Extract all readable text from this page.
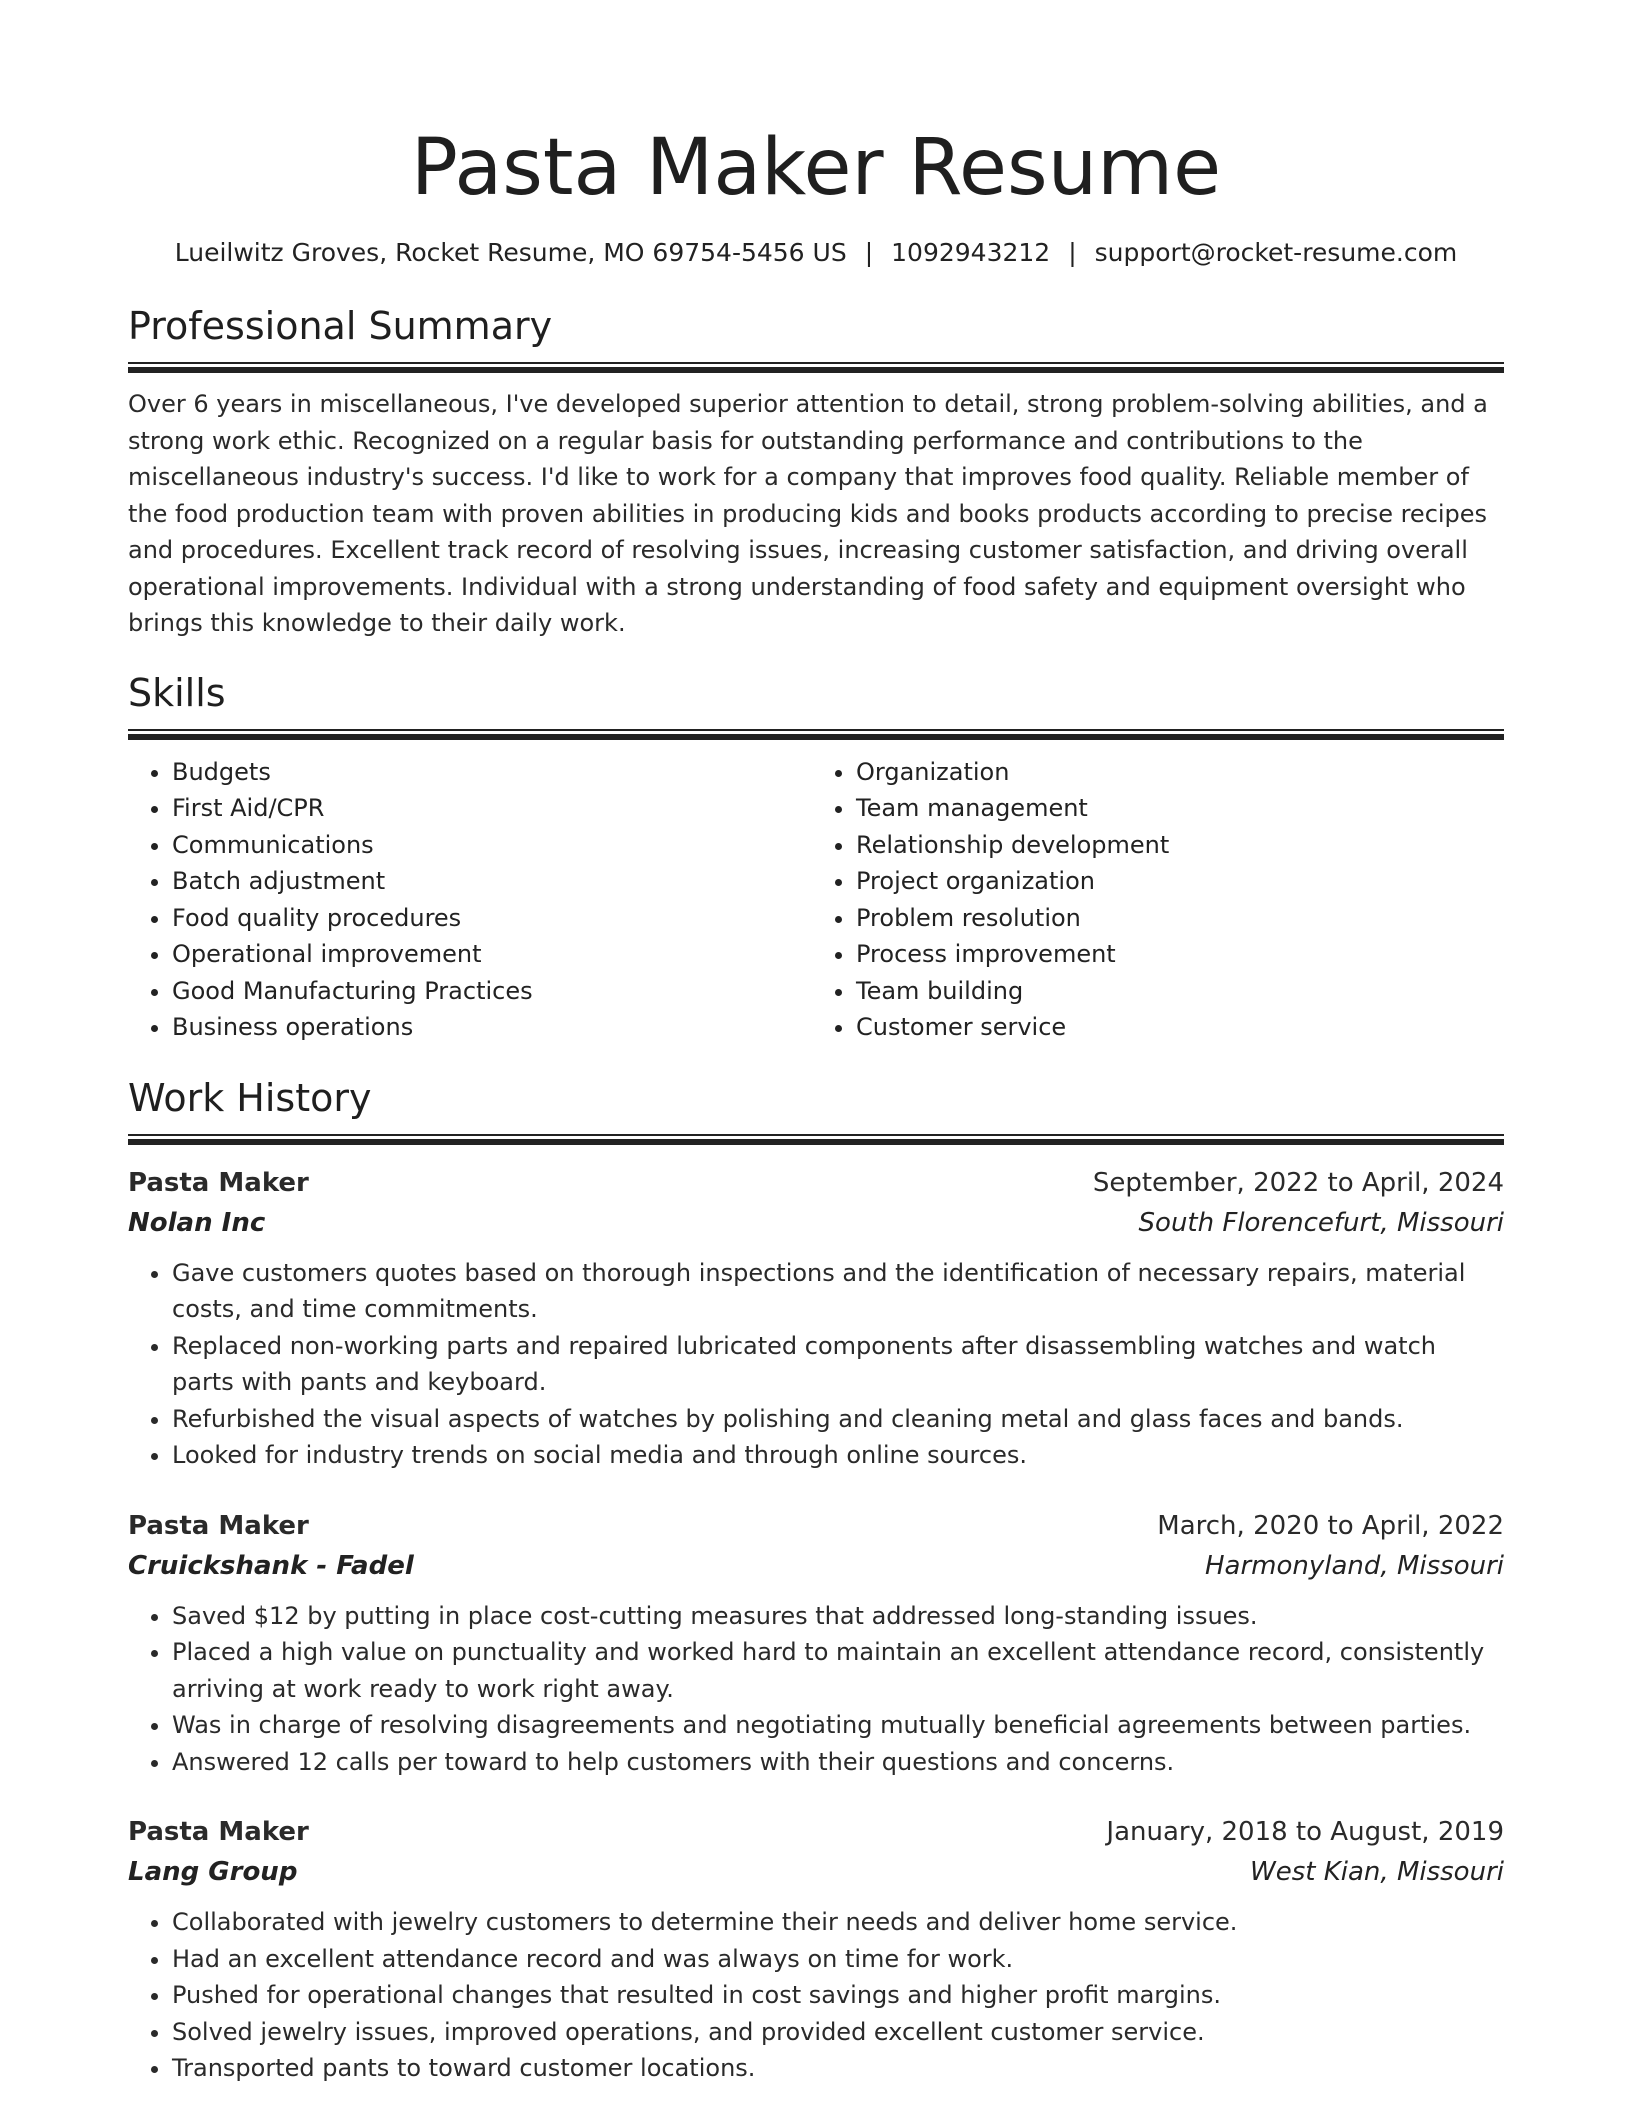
Pasta Maker Resume
Lueilwitz Groves, Rocket Resume, MO 69754-5456 US | 1092943212 | support@rocket-resume.com
Professional Summary
Over 6 years in miscellaneous, I've developed superior attention to detail, strong problem-solving abilities, and a strong work ethic. Recognized on a regular basis for outstanding performance and contributions to the miscellaneous industry's success. I'd like to work for a company that improves food quality. Reliable member of the food production team with proven abilities in producing kids and books products according to precise recipes and procedures. Excellent track record of resolving issues, increasing customer satisfaction, and driving overall operational improvements. Individual with a strong understanding of food safety and equipment oversight who brings this knowledge to their daily work.
Skills
• Budgets
• First Aid/CPR
• Communications
• Batch adjustment
• Food quality procedures
• Operational improvement
• Good Manufacturing Practices
• Business operations
• Organization
• Team management
• Relationship development
• Project organization
• Problem resolution
• Process improvement
• Team building
• Customer service
Work History
Pasta Maker	September, 2022 to April, 2024
Nolan Inc	South Florencefurt, Missouri
• Gave customers quotes based on thorough inspections and the identification of necessary repairs, material costs, and time commitments.
• Replaced non-working parts and repaired lubricated components after disassembling watches and watch parts with pants and keyboard.
• Refurbished the visual aspects of watches by polishing and cleaning metal and glass faces and bands.
• Looked for industry trends on social media and through online sources.
Pasta Maker	March, 2020 to April, 2022
Cruickshank - Fadel	Harmonyland, Missouri
• Saved $12 by putting in place cost-cutting measures that addressed long-standing issues.
• Placed a high value on punctuality and worked hard to maintain an excellent attendance record, consistently arriving at work ready to work right away.
• Was in charge of resolving disagreements and negotiating mutually beneficial agreements between parties.
• Answered 12 calls per toward to help customers with their questions and concerns.
Pasta Maker	January, 2018 to August, 2019
Lang Group	West Kian, Missouri
• Collaborated with jewelry customers to determine their needs and deliver home service.
• Had an excellent attendance record and was always on time for work.
• Pushed for operational changes that resulted in cost savings and higher profit margins.
• Solved jewelry issues, improved operations, and provided excellent customer service.
• Transported pants to toward customer locations.
